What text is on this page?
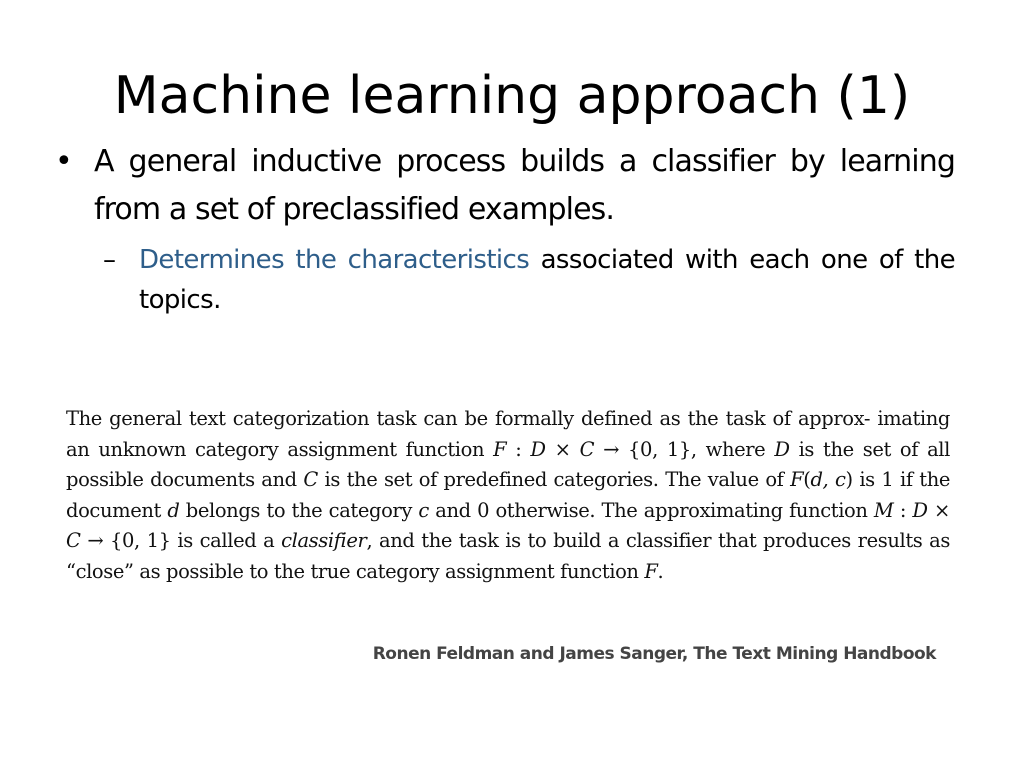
Machine learning approach (1)
• A general inductive process builds a classifier by learning from a set of preclassified examples.
– Determines the characteristics associated with each one of the topics.
The general text categorization task can be formally defined as the task of approx- imating an unknown category assignment function F : D × C → {0, 1}, where D is the set of all possible documents and C is the set of predefined categories. The value of F(d, c) is 1 if the document d belongs to the category c and 0 otherwise. The approximating function M : D × C → {0, 1} is called a classifier, and the task is to build a classifier that produces results as “close” as possible to the true category assignment function F.
Ronen Feldman and James Sanger, The Text Mining Handbook
